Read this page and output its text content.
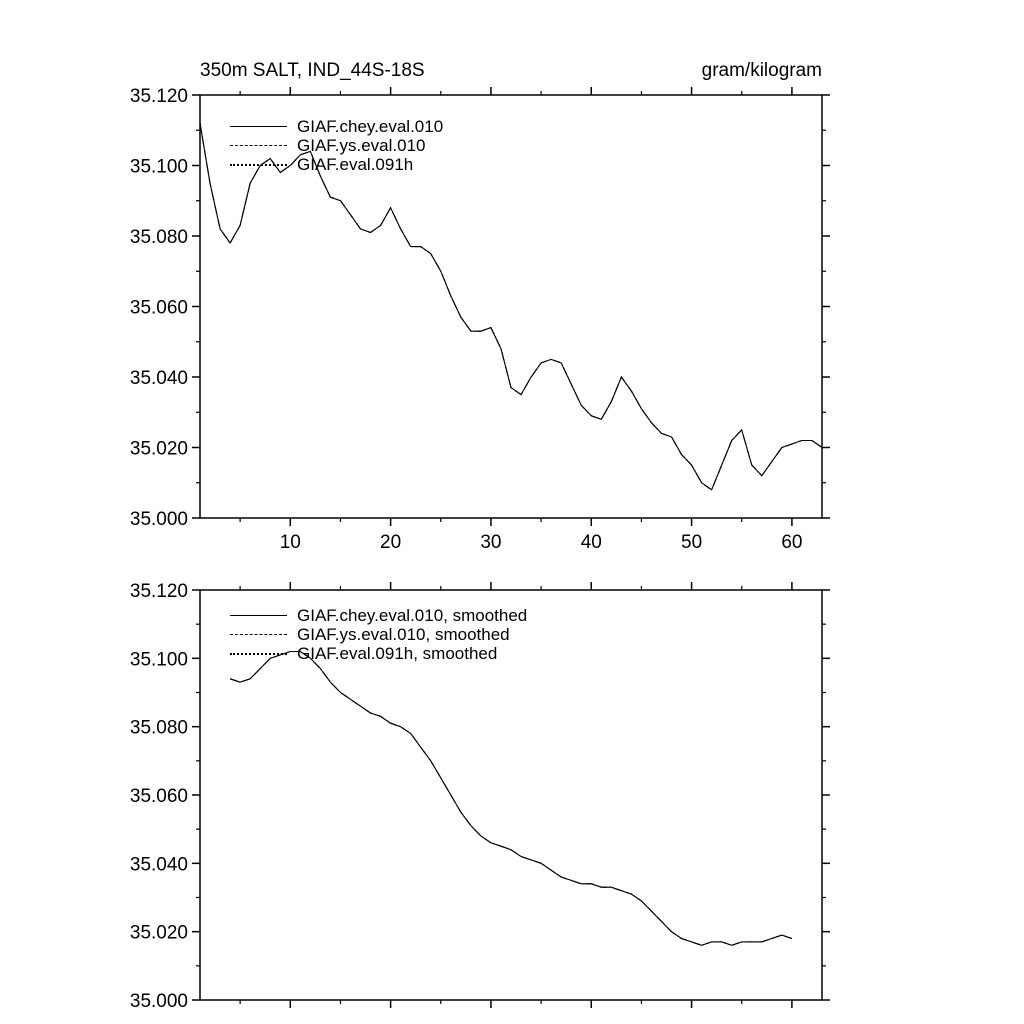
35.000
35.020
35.040
35.060
35.080
35.100
35.120
10	20	30	40	50	60
35.000
35.020
35.040
35.060
35.080
35.100
35.120
350m SALT, IND_44S-18S	gram/kilogram
GIAF.chey.eval.010
GIAF.ys.eval.010
GIAF.eval.091h
GIAF.chey.eval.010, smoothed
GIAF.ys.eval.010, smoothed
GIAF.eval.091h, smoothed
